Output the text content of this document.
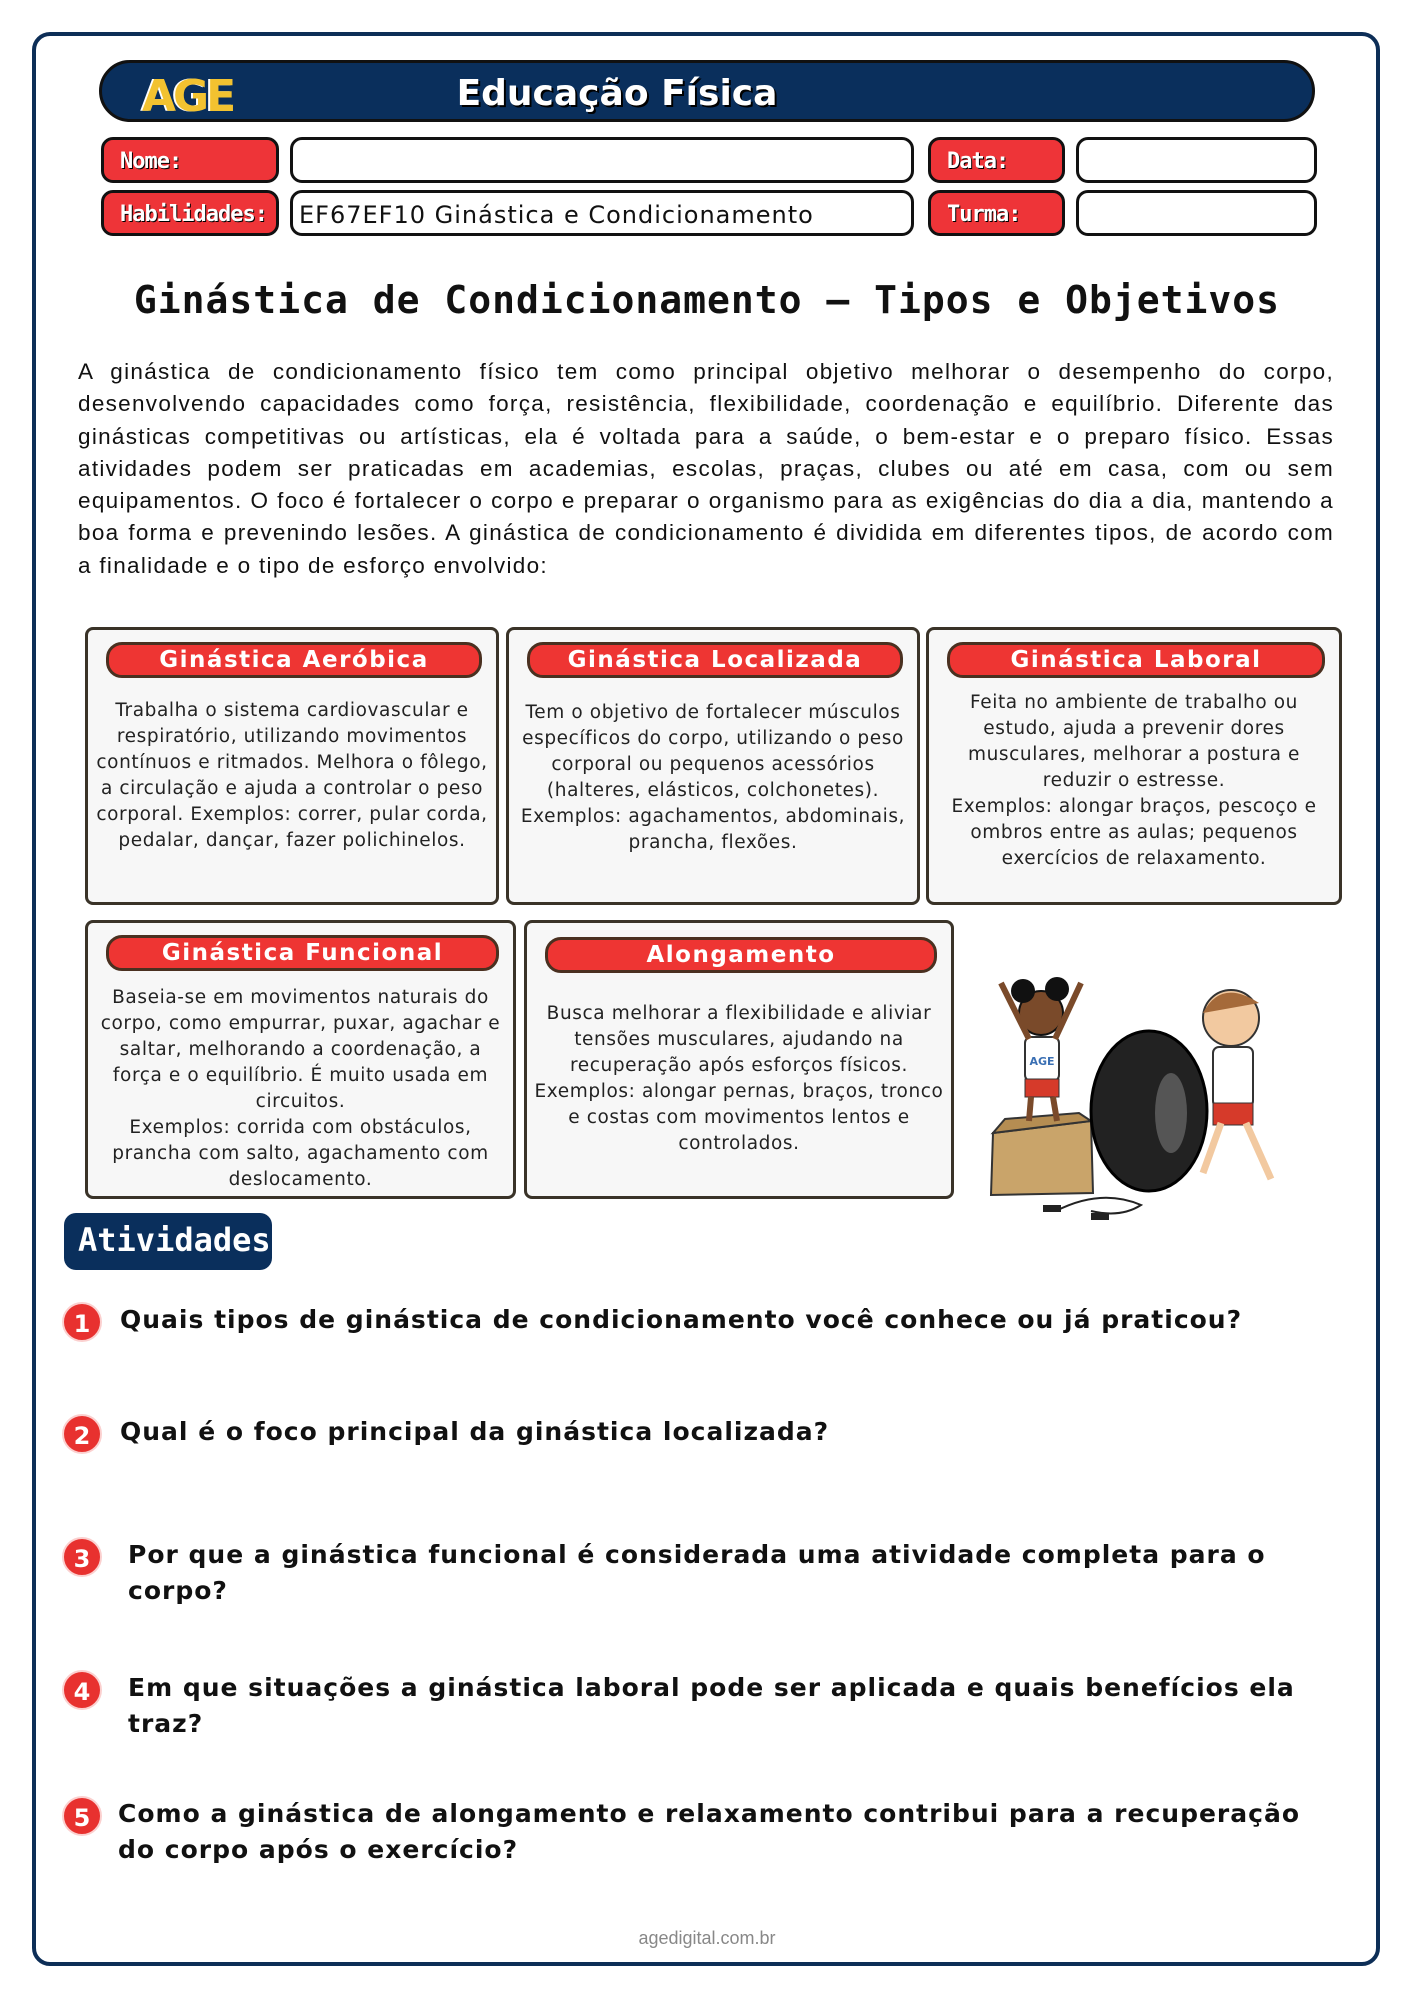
AGE	Educação Física
Nome:	Data:
Habilidades:	EF67EF10 Ginástica e Condicionamento	Turma:
Ginástica de Condicionamento – Tipos e Objetivos
A ginástica de condicionamento físico tem como principal objetivo melhorar o desempenho do corpo, desenvolvendo capacidades como força, resistência, flexibilidade, coordenação e equilíbrio. Diferente das ginásticas competitivas ou artísticas, ela é voltada para a saúde, o bem-estar e o preparo físico. Essas atividades podem ser praticadas em academias, escolas, praças, clubes ou até em casa, com ou sem equipamentos. O foco é fortalecer o corpo e preparar o organismo para as exigências do dia a dia, mantendo a boa forma e prevenindo lesões. A ginástica de condicionamento é dividida em diferentes tipos, de acordo com a finalidade e o tipo de esforço envolvido:
Ginástica Aeróbica
Trabalha o sistema cardiovascular e respiratório, utilizando movimentos contínuos e ritmados. Melhora o fôlego, a circulação e ajuda a controlar o peso corporal. Exemplos: correr, pular corda, pedalar, dançar, fazer polichinelos.
Ginástica Localizada
Tem o objetivo de fortalecer músculos específicos do corpo, utilizando o peso corporal ou pequenos acessórios (halteres, elásticos, colchonetes).
Exemplos: agachamentos, abdominais, prancha, flexões.
Ginástica Laboral
Feita no ambiente de trabalho ou estudo, ajuda a prevenir dores musculares, melhorar a postura e reduzir o estresse.
Exemplos: alongar braços, pescoço e ombros entre as aulas; pequenos exercícios de relaxamento.
Ginástica Funcional
Baseia-se em movimentos naturais do corpo, como empurrar, puxar, agachar e saltar, melhorando a coordenação, a força e o equilíbrio. É muito usada em circuitos.
Exemplos: corrida com obstáculos, prancha com salto, agachamento com deslocamento.
Alongamento
Busca melhorar a flexibilidade e aliviar tensões musculares, ajudando na recuperação após esforços físicos.
Exemplos: alongar pernas, braços, tronco e costas com movimentos lentos e controlados.
AGE
Atividades
1	Quais tipos de ginástica de condicionamento você conhece ou já praticou?
2	Qual é o foco principal da ginástica localizada?
3	Por que a ginástica funcional é considerada uma atividade completa para o corpo?
4	Em que situações a ginástica laboral pode ser aplicada e quais benefícios ela traz?
5	Como a ginástica de alongamento e relaxamento contribui para a recuperação do corpo após o exercício?
agedigital.com.br
